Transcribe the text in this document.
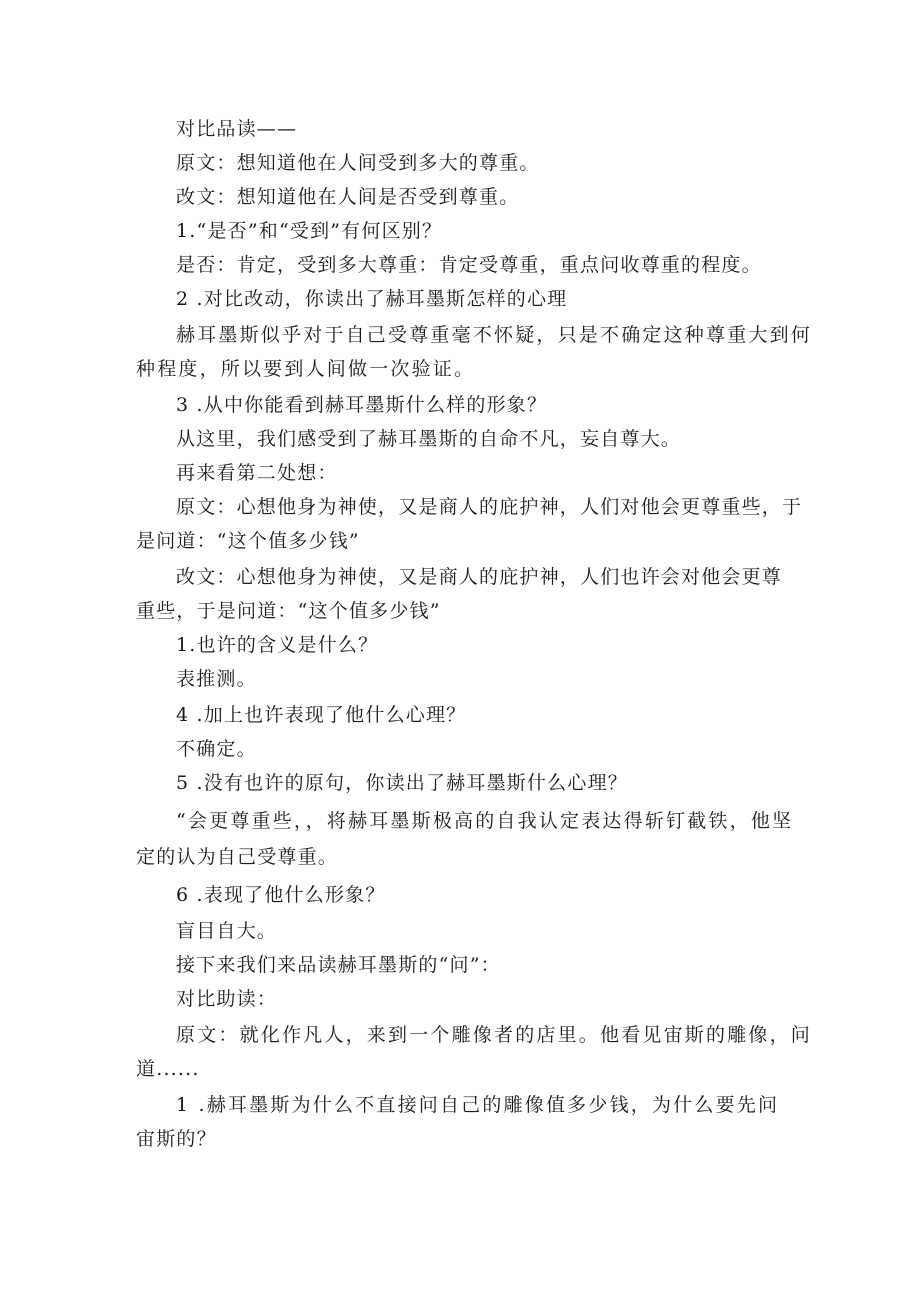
对比品读——
原文：想知道他在人间受到多大的尊重。
改文：想知道他在人间是否受到尊重。
1.“是否”和“受到”有何区别？
是否：肯定，受到多大尊重：肯定受尊重，重点问收尊重的程度。
2 .对比改动，你读出了赫耳墨斯怎样的心理
赫耳墨斯似乎对于自己受尊重毫不怀疑，只是不确定这种尊重大到何
种程度，所以要到人间做一次验证。
3 .从中你能看到赫耳墨斯什么样的形象？
从这里，我们感受到了赫耳墨斯的自命不凡，妄自尊大。
再来看第二处想：
原文：心想他身为神使，又是商人的庇护神，人们对他会更尊重些，于
是问道：“这个值多少钱”
改文：心想他身为神使，又是商人的庇护神，人们也许会对他会更尊
重些，于是问道：“这个值多少钱”
1.也许的含义是什么？
表推测。
4 .加上也许表现了他什么心理？
不确定。
5 .没有也许的原句，你读出了赫耳墨斯什么心理？
“会更尊重些，，将赫耳墨斯极高的自我认定表达得斩钉截铁，他坚
定的认为自己受尊重。
6 .表现了他什么形象？
盲目自大。
接下来我们来品读赫耳墨斯的“问”：
对比助读：
原文：就化作凡人，来到一个雕像者的店里。他看见宙斯的雕像，问
道......
1 .赫耳墨斯为什么不直接问自己的雕像值多少钱，为什么要先问
宙斯的？
